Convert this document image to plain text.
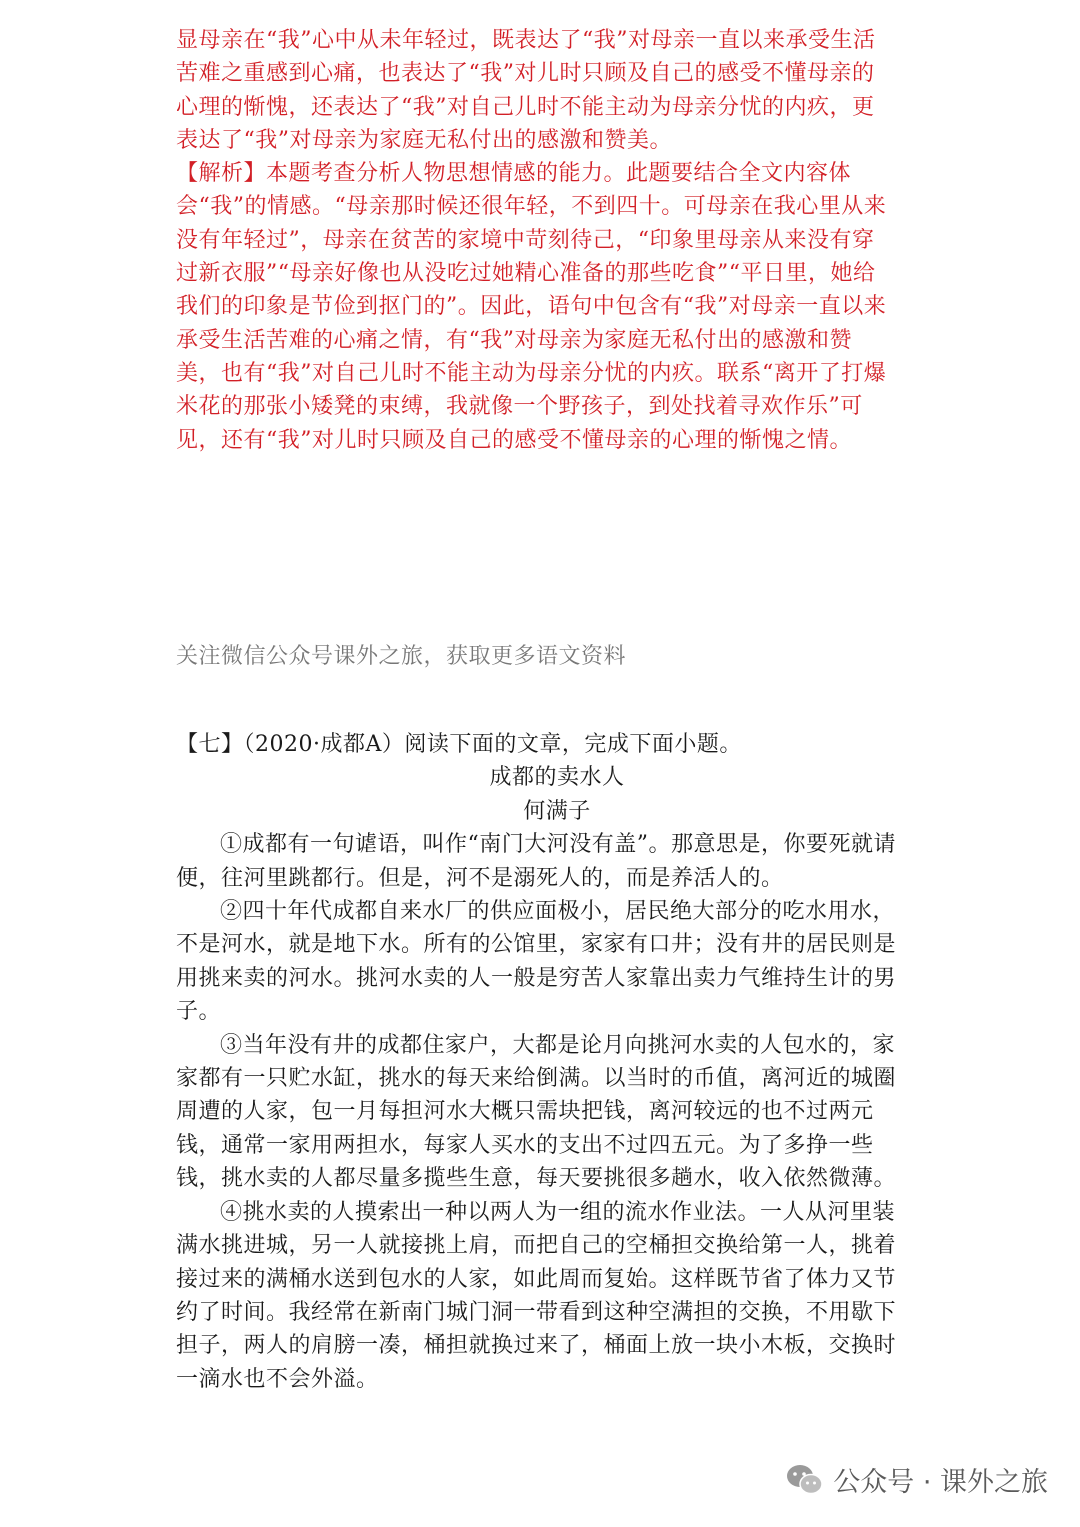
显母亲在“我”心中从未年轻过，既表达了“我”对母亲一直以来承受生活苦难之重感到心痛，也表达了“我”对儿时只顾及自己的感受不懂母亲的心理的惭愧，还表达了“我”对自己儿时不能主动为母亲分忧的内疚，更表达了“我”对母亲为家庭无私付出的感激和赞美。

【解析】本题考查分析人物思想情感的能力。此题要结合全文内容体会“我”的情感。“母亲那时候还很年轻，不到四十。可母亲在我心里从来没有年轻过”，母亲在贫苦的家境中苛刻待己，“印象里母亲从来没有穿过新衣服”“母亲好像也从没吃过她精心准备的那些吃食”“平日里，她给我们的印象是节俭到抠门的”。因此，语句中包含有“我”对母亲一直以来承受生活苦难的心痛之情，有“我”对母亲为家庭无私付出的感激和赞美，也有“我”对自己儿时不能主动为母亲分忧的内疚。联系“离开了打爆米花的那张小矮凳的束缚，我就像一个野孩子，到处找着寻欢作乐”可见，还有“我”对儿时只顾及自己的感受不懂母亲的心理的惭愧之情。

关注微信公众号课外之旅，获取更多语文资料

【七】（2020·成都A）阅读下面的文章，完成下面小题。

成都的卖水人

何满子

①成都有一句谑语，叫作“南门大河没有盖”。那意思是，你要死就请便，往河里跳都行。但是，河不是溺死人的，而是养活人的。

②四十年代成都自来水厂的供应面极小，居民绝大部分的吃水用水，不是河水，就是地下水。所有的公馆里，家家有口井；没有井的居民则是用挑来卖的河水。挑河水卖的人一般是穷苦人家靠出卖力气维持生计的男子。

③当年没有井的成都住家户，大都是论月向挑河水卖的人包水的，家家都有一只贮水缸，挑水的每天来给倒满。以当时的币值，离河近的城圈周遭的人家，包一月每担河水大概只需块把钱，离河较远的也不过两元钱，通常一家用两担水，每家人买水的支出不过四五元。为了多挣一些钱，挑水卖的人都尽量多揽些生意，每天要挑很多趟水，收入依然微薄。

④挑水卖的人摸索出一种以两人为一组的流水作业法。一人从河里装满水挑进城，另一人就接挑上肩，而把自己的空桶担交换给第一人，挑着接过来的满桶水送到包水的人家，如此周而复始。这样既节省了体力又节约了时间。我经常在新南门城门洞一带看到这种空满担的交换，不用歇下担子，两人的肩膀一凑，桶担就换过来了，桶面上放一块小木板，交换时一滴水也不会外溢。

公众号 · 课外之旅
